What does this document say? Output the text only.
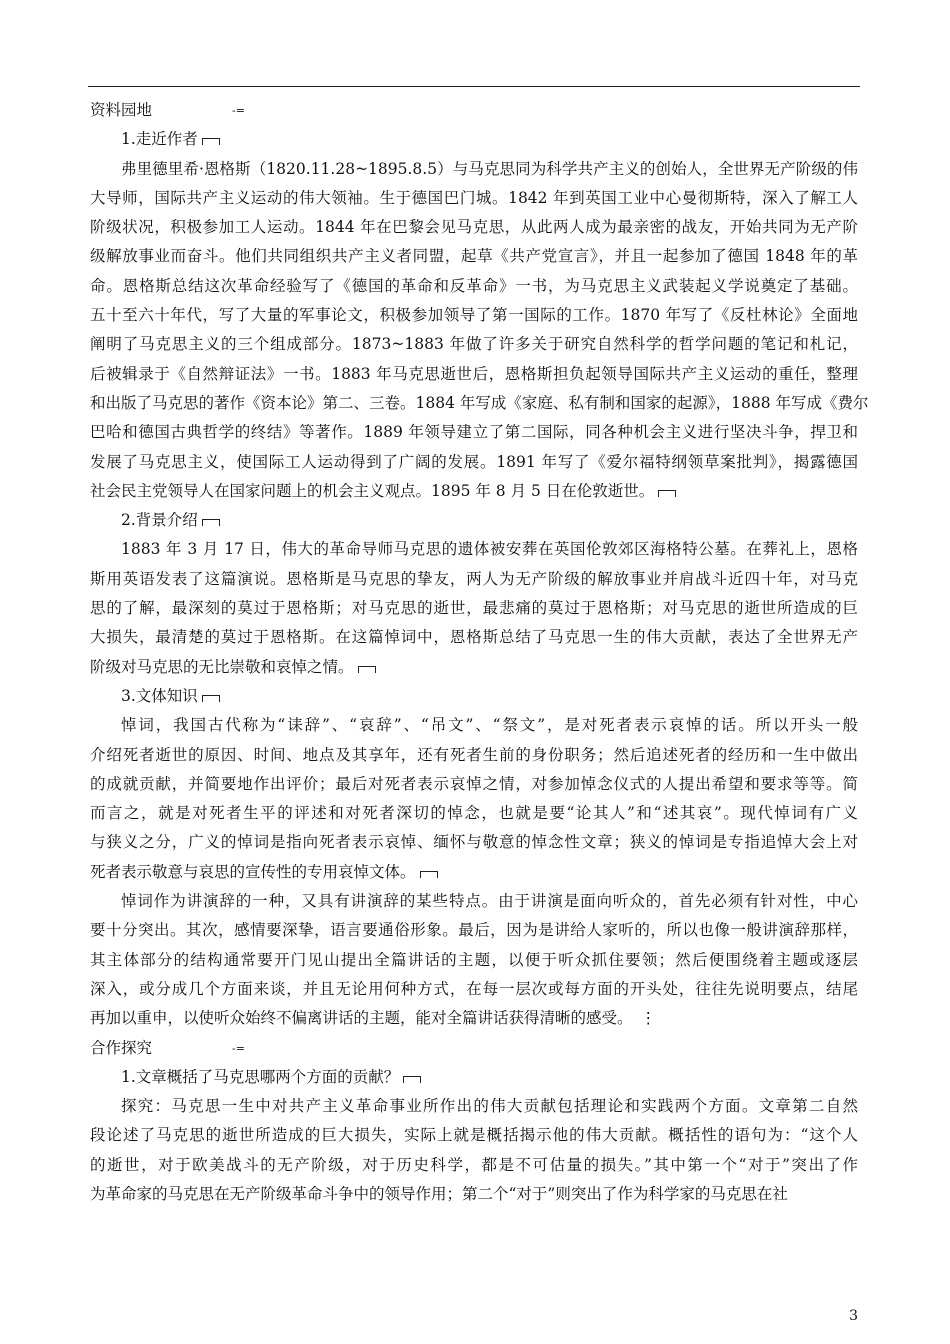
资料园地	-=
1.走近作者
弗里德里希·恩格斯（1820.11.28~1895.8.5）与马克思同为科学共产主义的创始人，全世界无产阶级的伟
大导师，国际共产主义运动的伟大领袖。生于德国巴门城。1842 年到英国工业中心曼彻斯特，深入了解工人
阶级状况，积极参加工人运动。1844 年在巴黎会见马克思，从此两人成为最亲密的战友，开始共同为无产阶
级解放事业而奋斗。他们共同组织共产主义者同盟，起草《共产党宣言》，并且一起参加了德国 1848 年的革
命。恩格斯总结这次革命经验写了《德国的革命和反革命》一书，为马克思主义武装起义学说奠定了基础。
五十至六十年代，写了大量的军事论文，积极参加领导了第一国际的工作。1870 年写了《反杜林论》全面地
阐明了马克思主义的三个组成部分。1873~1883 年做了许多关于研究自然科学的哲学问题的笔记和札记，
后被辑录于《自然辩证法》一书。1883 年马克思逝世后，恩格斯担负起领导国际共产主义运动的重任，整理
和出版了马克思的著作《资本论》第二、三卷。1884 年写成《家庭、私有制和国家的起源》，1888 年写成《费尔
巴哈和德国古典哲学的终结》等著作。1889 年领导建立了第二国际，同各种机会主义进行坚决斗争，捍卫和
发展了马克思主义，使国际工人运动得到了广阔的发展。1891 年写了《爱尔福特纲领草案批判》，揭露德国
社会民主党领导人在国家问题上的机会主义观点。1895 年 8 月 5 日在伦敦逝世。
2.背景介绍
1883 年 3 月 17 日，伟大的革命导师马克思的遗体被安葬在英国伦敦郊区海格特公墓。在葬礼上，恩格
斯用英语发表了这篇演说。恩格斯是马克思的挚友，两人为无产阶级的解放事业并肩战斗近四十年，对马克
思的了解，最深刻的莫过于恩格斯；对马克思的逝世，最悲痛的莫过于恩格斯；对马克思的逝世所造成的巨
大损失，最清楚的莫过于恩格斯。在这篇悼词中，恩格斯总结了马克思一生的伟大贡献，表达了全世界无产
阶级对马克思的无比崇敬和哀悼之情。
3.文体知识
悼词，我国古代称为“诔辞”、“哀辞”、“吊文”、“祭文”，是对死者表示哀悼的话。所以开头一般
介绍死者逝世的原因、时间、地点及其享年，还有死者生前的身份职务；然后追述死者的经历和一生中做出
的成就贡献，并简要地作出评价；最后对死者表示哀悼之情，对参加悼念仪式的人提出希望和要求等等。简
而言之，就是对死者生平的评述和对死者深切的悼念，也就是要“论其人”和“述其哀”。现代悼词有广义
与狭义之分，广义的悼词是指向死者表示哀悼、缅怀与敬意的悼念性文章；狭义的悼词是专指追悼大会上对
死者表示敬意与哀思的宣传性的专用哀悼文体。
悼词作为讲演辞的一种，又具有讲演辞的某些特点。由于讲演是面向听众的，首先必须有针对性，中心
要十分突出。其次，感情要深挚，语言要通俗形象。最后，因为是讲给人家听的，所以也像一般讲演辞那样，
其主体部分的结构通常要开门见山提出全篇讲话的主题，以便于听众抓住要领；然后便围绕着主题或逐层
深入，或分成几个方面来谈，并且无论用何种方式，在每一层次或每方面的开头处，往往先说明要点，结尾
再加以重申，以使听众始终不偏离讲话的主题，能对全篇讲话获得清晰的感受。 ⋮
合作探究	-=
1.文章概括了马克思哪两个方面的贡献？
探究：马克思一生中对共产主义革命事业所作出的伟大贡献包括理论和实践两个方面。文章第二自然
段论述了马克思的逝世所造成的巨大损失，实际上就是概括揭示他的伟大贡献。概括性的语句为：“这个人
的逝世，对于欧美战斗的无产阶级，对于历史科学，都是不可估量的损失。”其中第一个“对于”突出了作
为革命家的马克思在无产阶级革命斗争中的领导作用；第二个“对于”则突出了作为科学家的马克思在社
3
